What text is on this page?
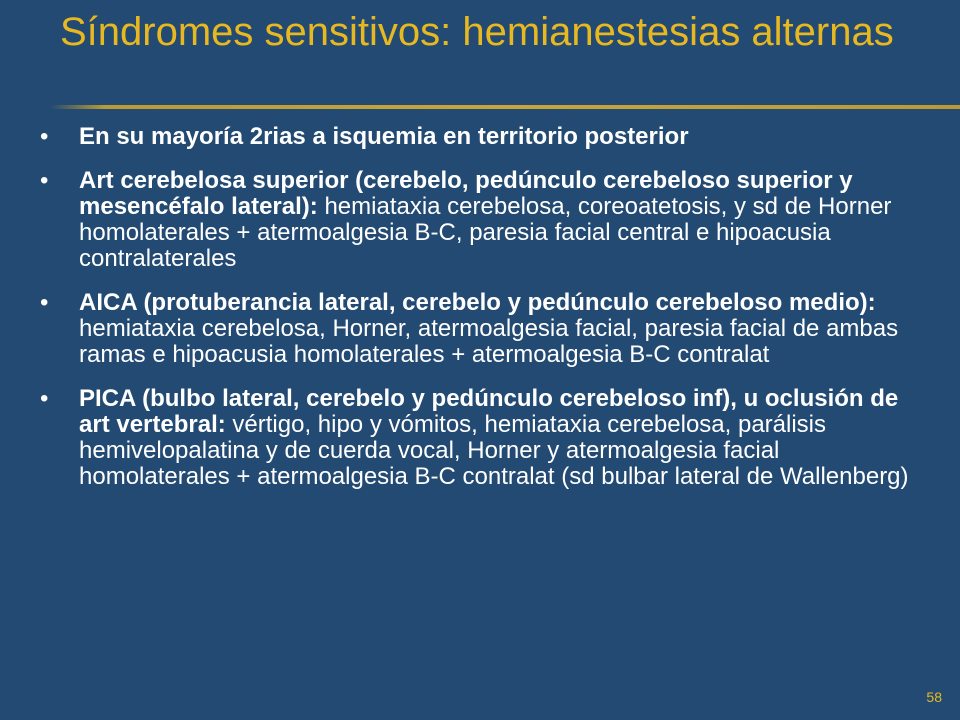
Síndromes sensitivos: hemianestesias alternas
•	En su mayoría 2rias a isquemia en territorio posterior
•	Art cerebelosa superior (cerebelo, pedúnculo cerebeloso superior y mesencéfalo lateral): hemiataxia cerebelosa, coreoatetosis, y sd de Horner homolaterales + atermoalgesia B-C, paresia facial central e hipoacusia contralaterales
•	AICA (protuberancia lateral, cerebelo y pedúnculo cerebeloso medio): hemiataxia cerebelosa, Horner, atermoalgesia facial, paresia facial de ambas ramas e hipoacusia homolaterales + atermoalgesia B-C contralat
•	PICA (bulbo lateral, cerebelo y pedúnculo cerebeloso inf), u oclusión de art vertebral: vértigo, hipo y vómitos, hemiataxia cerebelosa, parálisis hemivelopalatina y de cuerda vocal, Horner y atermoalgesia facial homolaterales + atermoalgesia B-C contralat (sd bulbar lateral de Wallenberg)
58
